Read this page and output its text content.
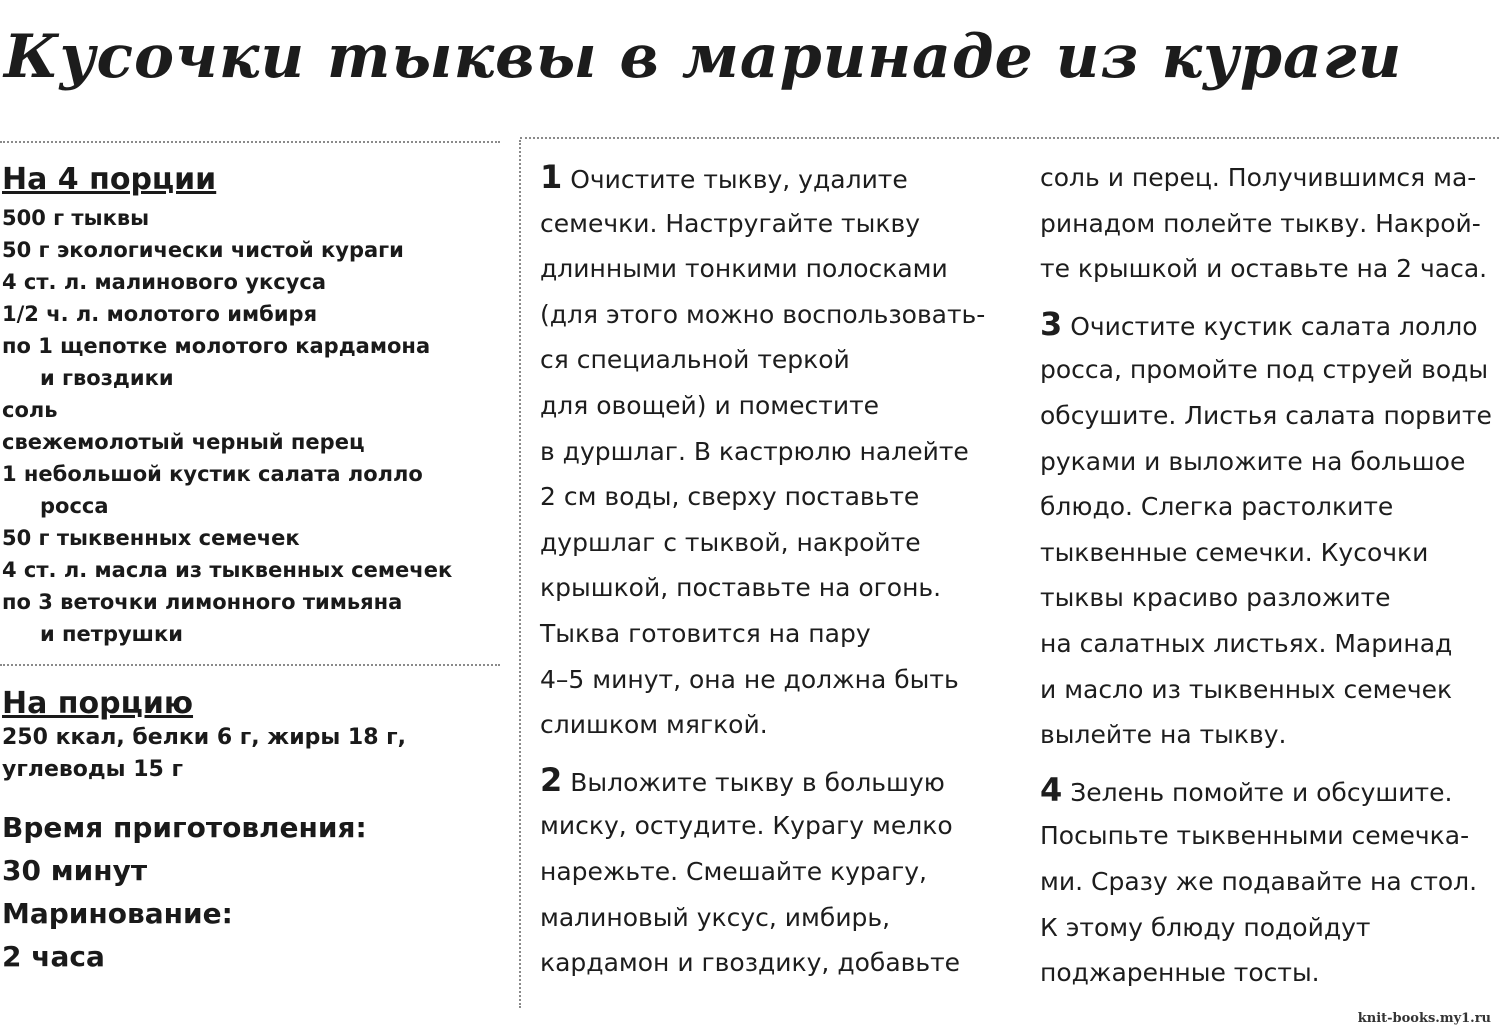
Кусочки тыквы в маринаде из кураги
На 4 порции
500 г тыквы
50 г экологически чистой кураги
4 ст. л. малинового уксуса
1/2 ч. л. молотого имбиря
по 1 щепотке молотого кардамона
и гвоздики
соль
свежемолотый черный перец
1 небольшой кустик салата лолло
росса
50 г тыквенных семечек
4 ст. л. масла из тыквенных семечек
по 3 веточки лимонного тимьяна
и петрушки
На порцию
250 ккал, белки 6 г, жиры 18 г, углеводы 15 г
Время приготовления:
30 минут
Маринование:
2 часа
1 Очистите тыкву, удалите
семечки. Настругайте тыкву
длинными тонкими полосками
(для этого можно воспользовать-
ся специальной теркой
для овощей) и поместите
в дуршлаг. В кастрюлю налейте
2 см воды, сверху поставьте
дуршлаг с тыквой, накройте
крышкой, поставьте на огонь.
Тыква готовится на пару
4–5 минут, она не должна быть
слишком мягкой.
2 Выложите тыкву в большую
миску, остудите. Курагу мелко
нарежьте. Смешайте курагу,
малиновый уксус, имбирь,
кардамон и гвоздику, добавьте
соль и перец. Получившимся ма-
ринадом полейте тыкву. Накрой-
те крышкой и оставьте на 2 часа.
3 Очистите кустик салата лолло
росса, промойте под струей воды
обсушите. Листья салата порвите
руками и выложите на большое
блюдо. Слегка растолките
тыквенные семечки. Кусочки
тыквы красиво разложите
на салатных листьях. Маринад
и масло из тыквенных семечек
вылейте на тыкву.
4 Зелень помойте и обсушите.
Посыпьте тыквенными семечка-
ми. Сразу же подавайте на стол.
К этому блюду подойдут
поджаренные тосты.
knit-books.my1.ru
